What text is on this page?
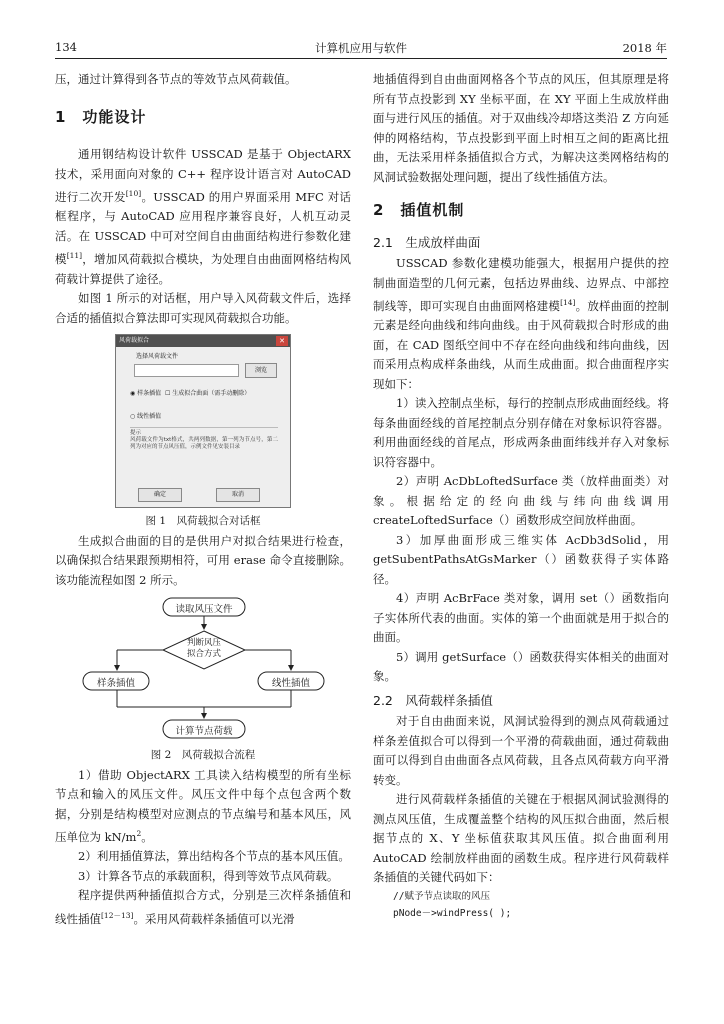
134	计算机应用与软件	2018 年

压，通过计算得到各节点的等效节点风荷载值。

1　功能设计

通用钢结构设计软件 USSCAD 是基于 ObjectARX 技术，采用面向对象的 C++ 程序设计语言对 AutoCAD 进行二次开发[10]。USSCAD 的用户界面采用 MFC 对话框程序，与 AutoCAD 应用程序兼容良好，人机互动灵活。在 USSCAD 中可对空间自由曲面结构进行参数化建模[11]，增加风荷载拟合模块，为处理自由曲面网格结构风荷载计算提供了途径。

如图 1 所示的对话框，用户导入风荷载文件后，选择合适的插值拟合算法即可实现风荷载拟合功能。

风荷载拟合	✕
选择风荷载文件
浏览
◉ 样条插值 ☐ 生成拟合曲面（需手动删除）
○ 线性插值
提示
风荷载文件为txt格式，共两列数据，第一列为节点号，第二列为对应的节点风压值，示例文件见安装目录
确定	取消

图 1　风荷载拟合对话框

生成拟合曲面的目的是供用户对拟合结果进行检查，以确保拟合结果跟预期相符，可用 erase 命令直接删除。该功能流程如图 2 所示。

读取风压文件
判断风压
拟合方式
样条插值	线性插值
计算节点荷载

图 2　风荷载拟合流程

1）借助 ObjectARX 工具读入结构模型的所有坐标节点和输入的风压文件。风压文件中每个点包含两个数据，分别是结构模型对应测点的节点编号和基本风压，风压单位为 $kN/m^2$。

2）利用插值算法，算出结构各个节点的基本风压值。

3）计算各节点的承载面积，得到等效节点风荷载。

程序提供两种插值拟合方式，分别是三次样条插值和线性插值[12－13]。采用风荷载样条插值可以光滑

地插值得到自由曲面网格各个节点的风压，但其原理是将所有节点投影到 XY 坐标平面，在 XY 平面上生成放样曲面与进行风压的插值。对于双曲线冷却塔这类沿 Z 方向延伸的网格结构，节点投影到平面上时相互之间的距离比扭曲，无法采用样条插值拟合方式，为解决这类网格结构的风洞试验数据处理问题，提出了线性插值方法。

2　插值机制

2.1　生成放样曲面

USSCAD 参数化建模功能强大，根据用户提供的控制曲面造型的几何元素，包括边界曲线、边界点、中部控制线等，即可实现自由曲面网格建模[14]。放样曲面的控制元素是经向曲线和纬向曲线。由于风荷载拟合时形成的曲面，在 CAD 图纸空间中不存在经向曲线和纬向曲线，因而采用点构成样条曲线，从而生成曲面。拟合曲面程序实现如下：

1）读入控制点坐标，每行的控制点形成曲面经线。将每条曲面经线的首尾控制点分别存储在对象标识符容器。利用曲面经线的首尾点，形成两条曲面纬线并存入对象标识符容器中。

2）声明 AcDbLoftedSurface 类（放样曲面类）对象。根据给定的经向曲线与纬向曲线调用 createLoftedSurface（）函数形成空间放样曲面。

3）加厚曲面形成三维实体 AcDb3dSolid，用 getSubentPathsAtGsMarker（）函数获得子实体路径。

4）声明 AcBrFace 类对象，调用 set（）函数指向子实体所代表的曲面。实体的第一个曲面就是用于拟合的曲面。

5）调用 getSurface（）函数获得实体相关的曲面对象。

2.2　风荷载样条插值

对于自由曲面来说，风洞试验得到的测点风荷载通过样条差值拟合可以得到一个平滑的荷载曲面，通过荷载曲面可以得到自由曲面各点风荷载，且各点风荷载方向平滑转变。

进行风荷载样条插值的关键在于根据风洞试验测得的测点风压值，生成覆盖整个结构的风压拟合曲面，然后根据节点的 X、Y 坐标值获取其风压值。拟合曲面利用 AutoCAD 绘制放样曲面的函数生成。程序进行风荷载样条插值的关键代码如下：

//赋予节点读取的风压

pNode－>windPress( );
